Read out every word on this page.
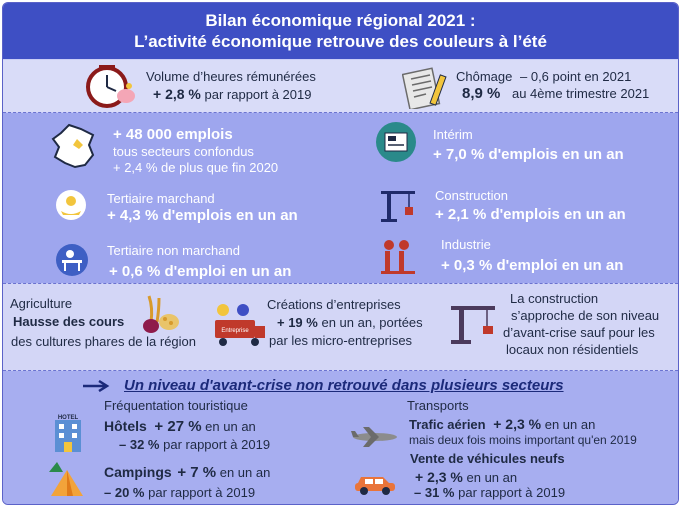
Bilan économique régional 2021 :
L’activité économique retrouve des couleurs à l’été
Volume d’heures rémunérées
+ 2,8 % par rapport à 2019
Chômage – 0,6 point en 2021
8,9 % au 4ème trimestre 2021
+ 48 000 emplois
tous secteurs confondus
+ 2,4 % de plus que fin 2020
Tertiaire marchand
+ 4,3 % d'emplois en un an
Tertiaire non marchand
+ 0,6 % d'emploi en un an
Intérim
+ 7,0 % d'emplois en un an
Construction
+ 2,1 % d'emplois en un an
Industrie
+ 0,3 % d'emploi en un an
Agriculture
Hausse des cours
des cultures phares de la région
Entreprise
Créations d’entreprises
+ 19 % en un an, portées
par les micro-entreprises
La construction
s’approche de son niveau
d’avant-crise sauf pour les
locaux non résidentiels
Un niveau d'avant-crise non retrouvé dans plusieurs secteurs
Fréquentation touristique
HOTEL Hôtels + 27 % en un an
– 32 % par rapport à 2019
Campings + 7 % en un an
– 20 % par rapport à 2019
Transports
Trafic aérien + 2,3 % en un an
mais deux fois moins important qu'en 2019
Vente de véhicules neufs
+ 2,3 % en un an
– 31 % par rapport à 2019
